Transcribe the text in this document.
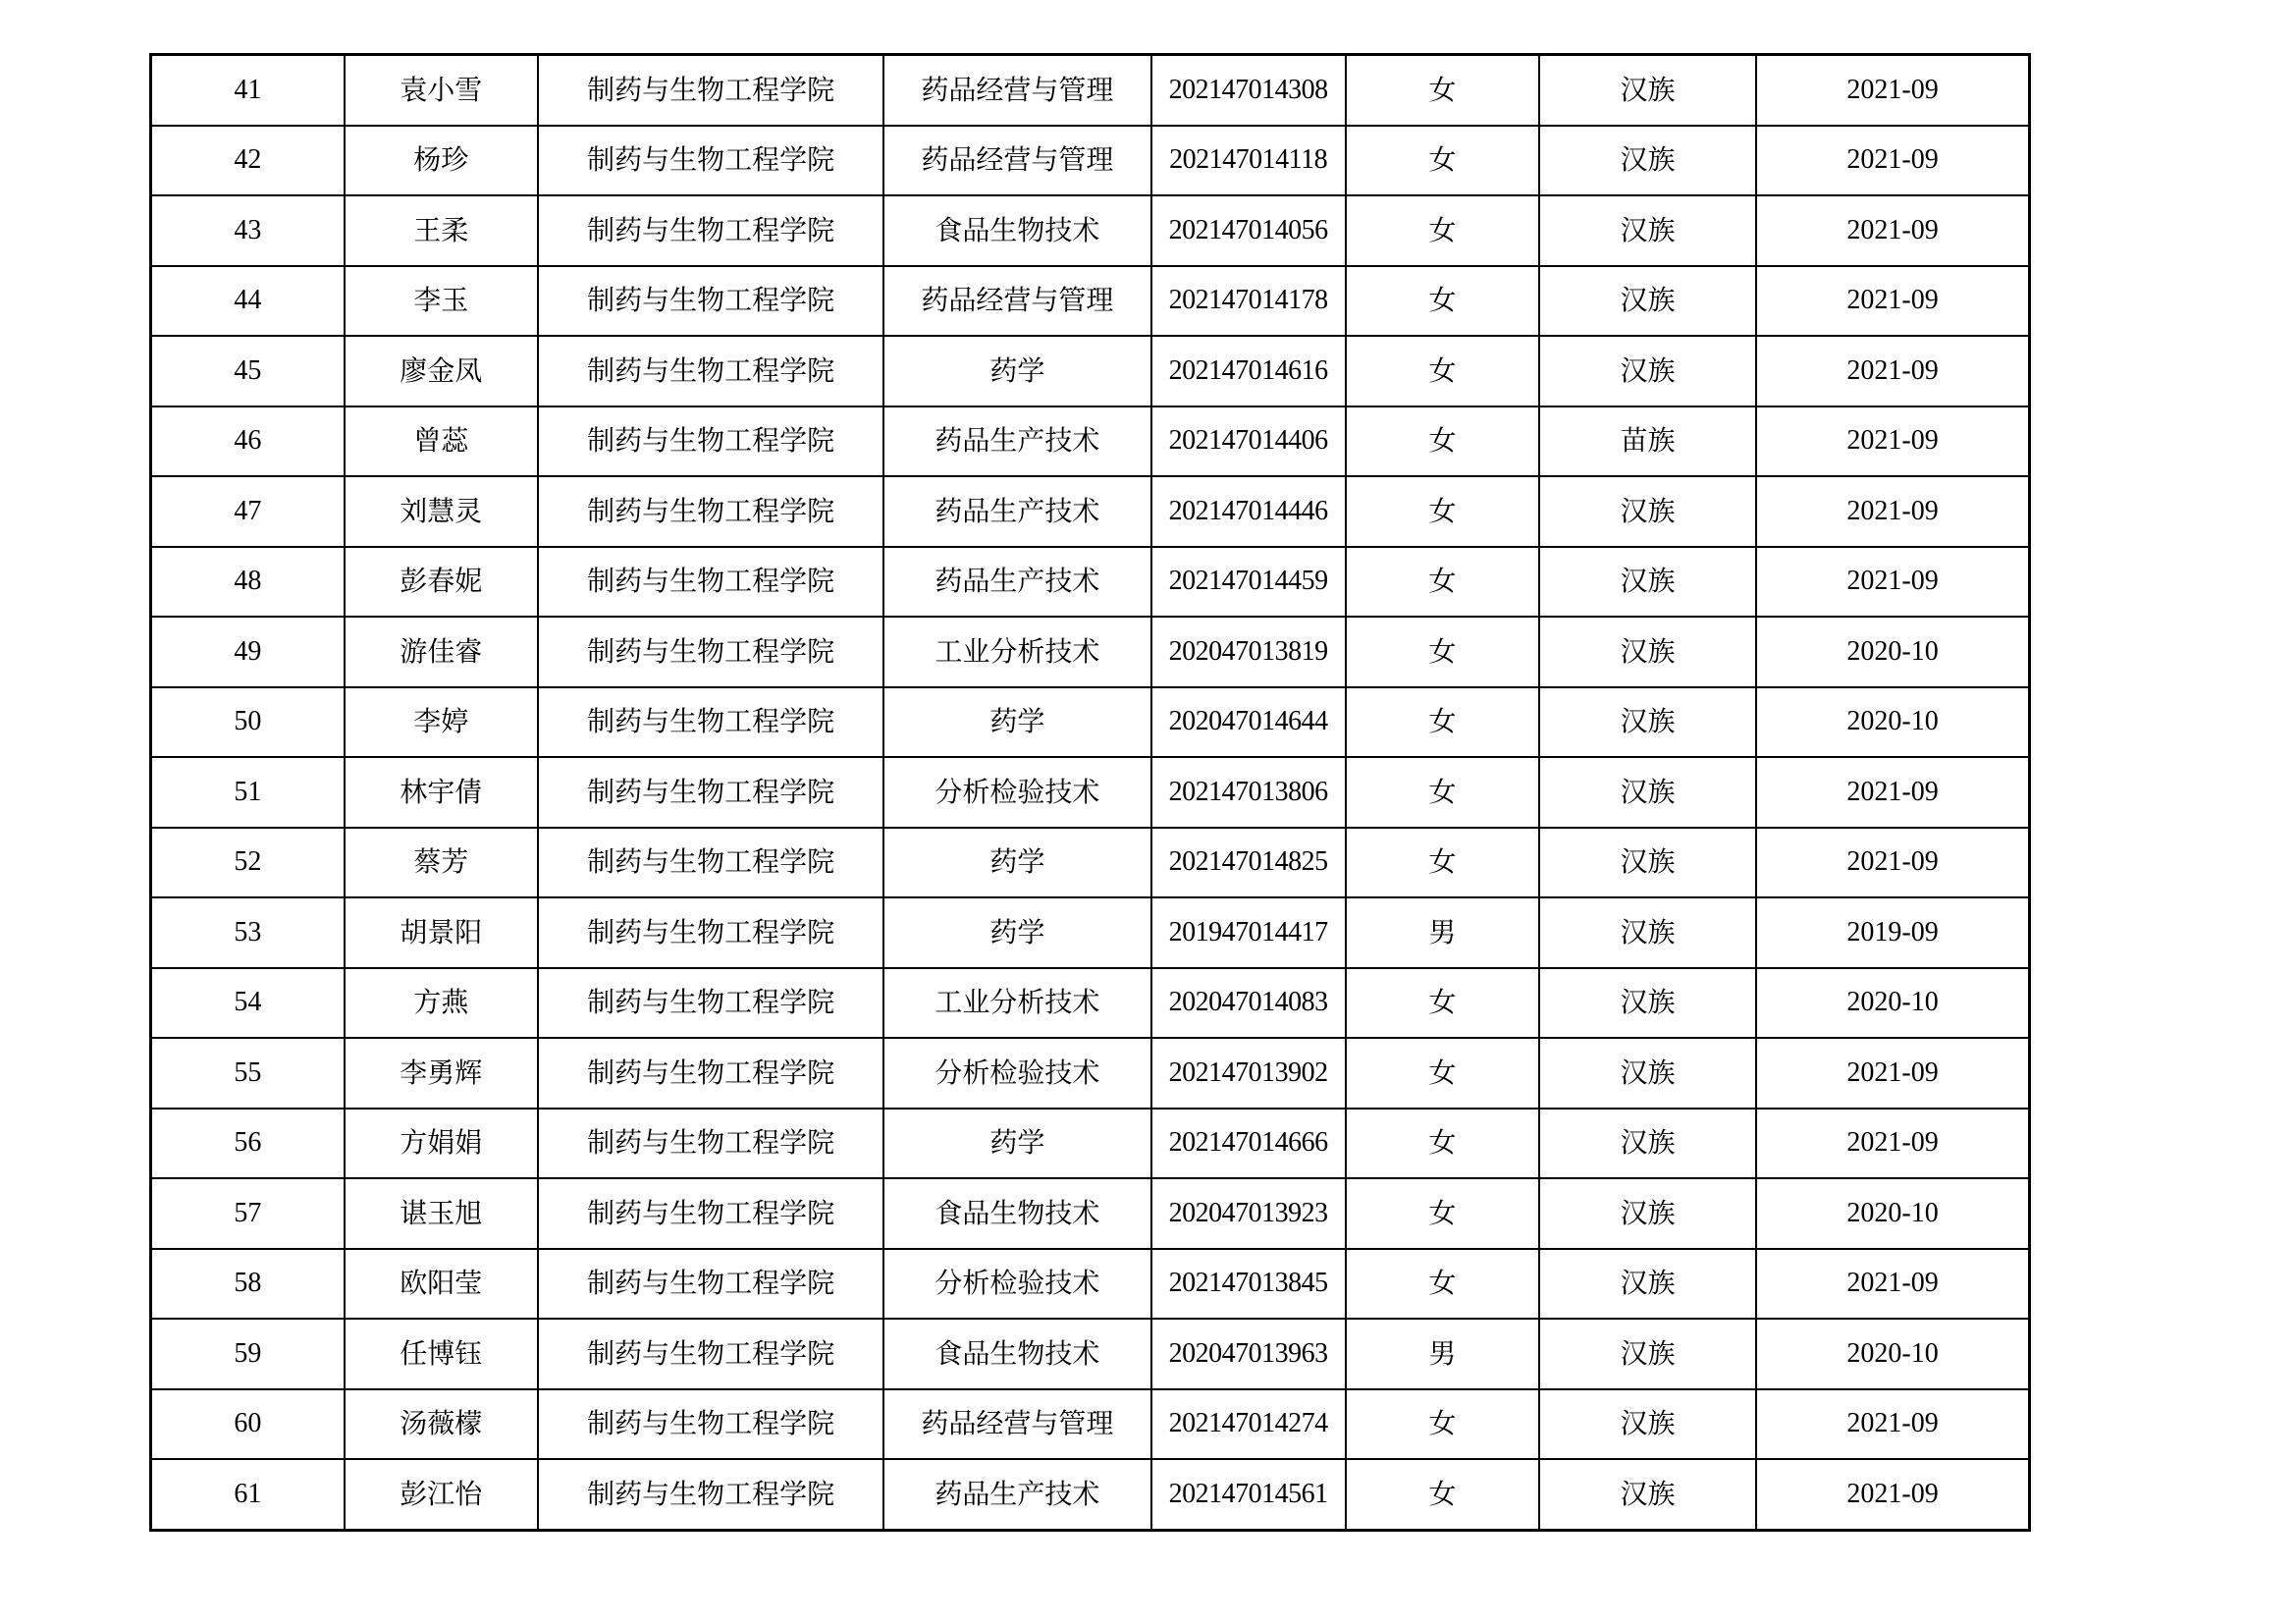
41	袁小雪	制药与生物工程学院	药品经营与管理	202147014308	女	汉族	2021-09
42	杨珍	制药与生物工程学院	药品经营与管理	202147014118	女	汉族	2021-09
43	王柔	制药与生物工程学院	食品生物技术	202147014056	女	汉族	2021-09
44	李玉	制药与生物工程学院	药品经营与管理	202147014178	女	汉族	2021-09
45	廖金凤	制药与生物工程学院	药学	202147014616	女	汉族	2021-09
46	曾蕊	制药与生物工程学院	药品生产技术	202147014406	女	苗族	2021-09
47	刘慧灵	制药与生物工程学院	药品生产技术	202147014446	女	汉族	2021-09
48	彭春妮	制药与生物工程学院	药品生产技术	202147014459	女	汉族	2021-09
49	游佳睿	制药与生物工程学院	工业分析技术	202047013819	女	汉族	2020-10
50	李婷	制药与生物工程学院	药学	202047014644	女	汉族	2020-10
51	林宇倩	制药与生物工程学院	分析检验技术	202147013806	女	汉族	2021-09
52	蔡芳	制药与生物工程学院	药学	202147014825	女	汉族	2021-09
53	胡景阳	制药与生物工程学院	药学	201947014417	男	汉族	2019-09
54	方燕	制药与生物工程学院	工业分析技术	202047014083	女	汉族	2020-10
55	李勇辉	制药与生物工程学院	分析检验技术	202147013902	女	汉族	2021-09
56	方娟娟	制药与生物工程学院	药学	202147014666	女	汉族	2021-09
57	谌玉旭	制药与生物工程学院	食品生物技术	202047013923	女	汉族	2020-10
58	欧阳莹	制药与生物工程学院	分析检验技术	202147013845	女	汉族	2021-09
59	任博钰	制药与生物工程学院	食品生物技术	202047013963	男	汉族	2020-10
60	汤薇檬	制药与生物工程学院	药品经营与管理	202147014274	女	汉族	2021-09
61	彭江怡	制药与生物工程学院	药品生产技术	202147014561	女	汉族	2021-09
